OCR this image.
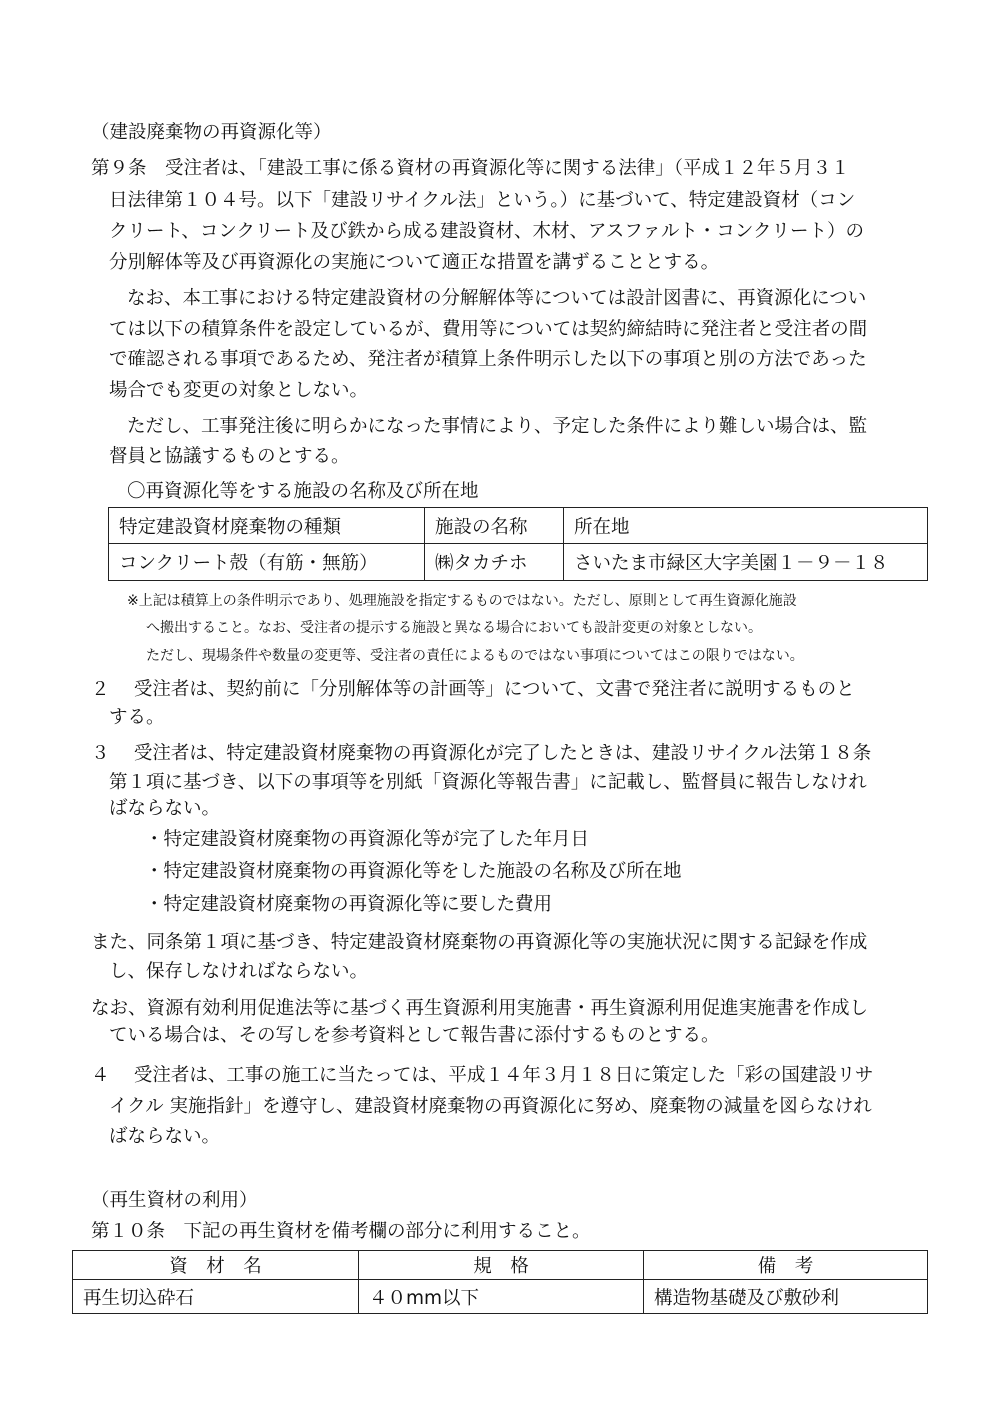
（建設廃棄物の再資源化等）
第９条　受注者は、「建設工事に係る資材の再資源化等に関する法律」（平成１２年５月３１
日法律第１０４号。以下「建設リサイクル法」という。）に基づいて、特定建設資材（コン
クリート、コンクリート及び鉄から成る建設資材、木材、アスファルト・コンクリート）の
分別解体等及び再資源化の実施について適正な措置を講ずることとする。
なお、本工事における特定建設資材の分解解体等については設計図書に、再資源化につい
ては以下の積算条件を設定しているが、費用等については契約締結時に発注者と受注者の間
で確認される事項であるため、発注者が積算上条件明示した以下の事項と別の方法であった
場合でも変更の対象としない。
ただし、工事発注後に明らかになった事情により、予定した条件により難しい場合は、監
督員と協議するものとする。
〇再資源化等をする施設の名称及び所在地
特定建設資材廃棄物の種類	施設の名称	所在地
コンクリート殻（有筋・無筋）	㈱タカチホ	さいたま市緑区大字美園１－９－１８
※上記は積算上の条件明示であり、処理施設を指定するものではない。ただし、原則として再生資源化施設
へ搬出すること。なお、受注者の提示する施設と異なる場合においても設計変更の対象としない。
ただし、現場条件や数量の変更等、受注者の責任によるものではない事項についてはこの限りではない。
２　 受注者は、契約前に「分別解体等の計画等」について、文書で発注者に説明するものと
する。
３　 受注者は、特定建設資材廃棄物の再資源化が完了したときは、建設リサイクル法第１８条
第１項に基づき、以下の事項等を別紙「資源化等報告書」に記載し、監督員に報告しなけれ
ばならない。
・特定建設資材廃棄物の再資源化等が完了した年月日
・特定建設資材廃棄物の再資源化等をした施設の名称及び所在地
・特定建設資材廃棄物の再資源化等に要した費用
また、同条第１項に基づき、特定建設資材廃棄物の再資源化等の実施状況に関する記録を作成
し、保存しなければならない。
なお、資源有効利用促進法等に基づく再生資源利用実施書・再生資源利用促進実施書を作成し
ている場合は、その写しを参考資料として報告書に添付するものとする。
４　 受注者は、工事の施工に当たっては、平成１４年３月１８日に策定した「彩の国建設リサ
イクル 実施指針」を遵守し、建設資材廃棄物の再資源化に努め、廃棄物の減量を図らなけれ
ばならない。
（再生資材の利用）
第１０条　下記の再生資材を備考欄の部分に利用すること。
資　材　名	規　格	備　考
再生切込砕石	４０mm以下	構造物基礎及び敷砂利
